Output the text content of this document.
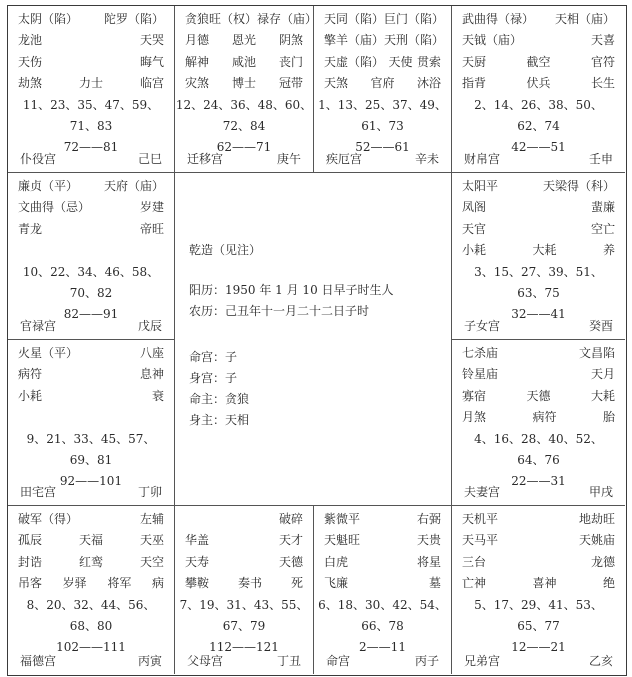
太阴（陷） 陀罗（陷）
龙池	天哭
天伤	晦气
劫煞	力士	临宫
11、23、35、47、59、
71、83
72——81
仆役宫	己巳
贪狼旺（权） 禄存（庙）
月德 恩光 阴煞
解神 咸池 丧门
灾煞 博士 冠带
12、24、36、48、60、
72、84
62——71
迁移宫	庚午
天同（陷） 巨门（陷）
擎羊（庙） 天刑（陷）
天虚（陷） 天使 贯索
天煞 官府 沐浴
1、13、25、37、49、
61、73
52——61
疾厄宫	辛未
武曲得（禄） 天相（庙）
天钺（庙）	天喜
天厨	截空	官符
指背	伏兵	长生
2、14、26、38、50、
62、74
42——51
财帛宫	壬申
廉贞（平） 天府（庙）
文曲得（忌）	岁建
青龙	帝旺

10、22、34、46、58、
70、82
82——91
官禄宫	戊辰
太阳平	天梁得（科）
凤阁	蜚廉
天官	空亡
小耗	大耗	养
3、15、27、39、51、
63、75
32——41
子女宫	癸酉
火星（平）	八座
病符	息神
小耗	衰

9、21、33、45、57、
69、81
92——101
田宅宫	丁卯
七杀庙	文昌陷
铃星庙	天月
寡宿	天德	大耗
月煞	病符	胎
4、16、28、40、52、
64、76
22——31
夫妻宫	甲戌
破军（得）	左辅
孤辰	天福	天巫
封诰	红鸾	天空
吊客 岁驿 将军 病
8、20、32、44、56、
68、80
102——111
福德宫	丙寅
破碎
华盖	天才
天寿	天德
攀鞍 奏书 死
7、19、31、43、55、
67、79
112——121
父母宫	丁丑
紫微平	右弼
天魁旺	天贵
白虎	将星
飞廉	墓
6、18、30、42、54、
66、78
2——11
命宫	丙子
天机平	地劫旺
天马平	天姚庙
三台	龙德
亡神	喜神	绝
5、17、29、41、53、
65、77
12——21
兄弟宫	乙亥
乾造（见注）
阳历：1950 年 1 月 10 日早子时生人
农历：己丑年十一月二十二日子时
命宫：子
身宫：子
命主：贪狼
身主：天相
